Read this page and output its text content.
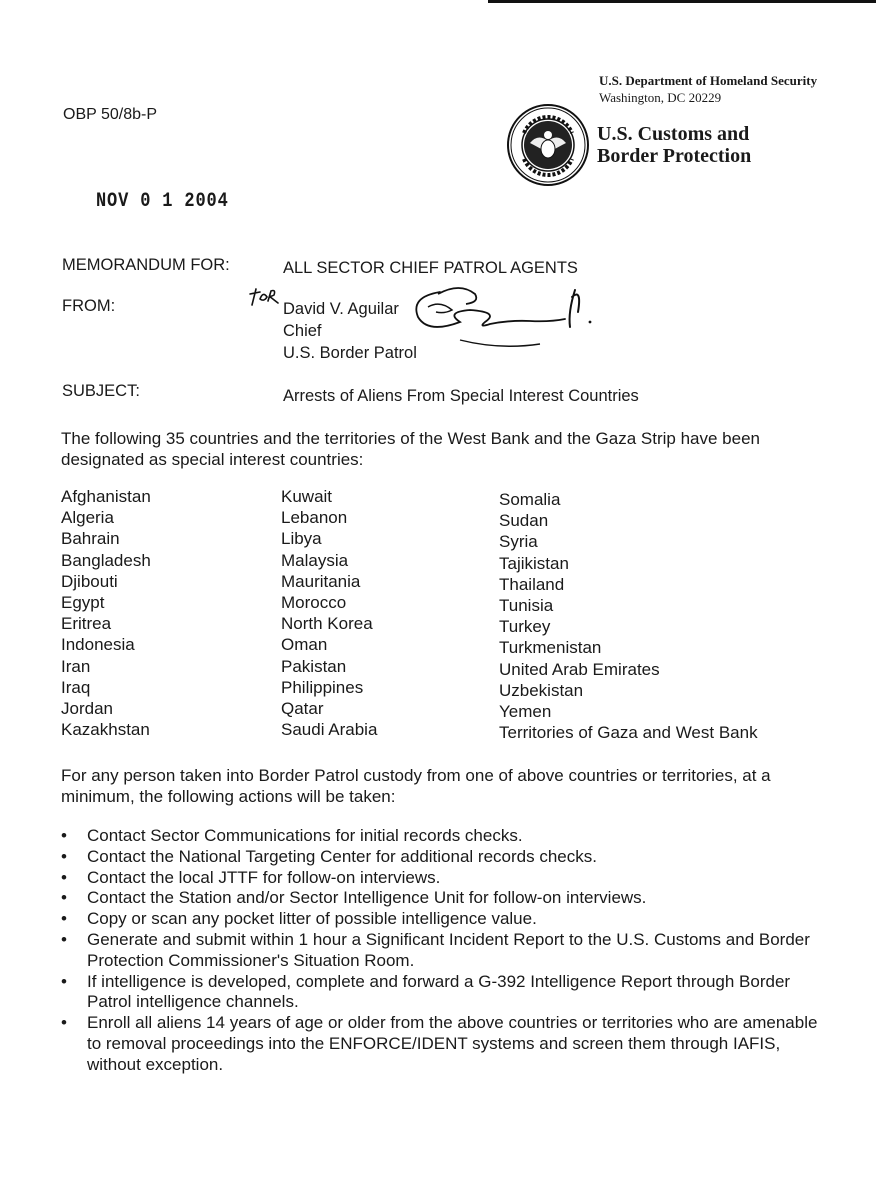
OBP 50/8b-P
U.S. Department of Homeland Security
Washington, DC 20229
U.S. Customs and
Border Protection
NOV 0 1 2004
MEMORANDUM FOR:	ALL SECTOR CHIEF PATROL AGENTS
FROM:	David V. Aguilar
Chief
U.S. Border Patrol
SUBJECT:	Arrests of Aliens From Special Interest Countries
The following 35 countries and the territories of the West Bank and the Gaza Strip have been designated as special interest countries:
Afghanistan
Algeria
Bahrain
Bangladesh
Djibouti
Egypt
Eritrea
Indonesia
Iran
Iraq
Jordan
Kazakhstan
Kuwait
Lebanon
Libya
Malaysia
Mauritania
Morocco
North Korea
Oman
Pakistan
Philippines
Qatar
Saudi Arabia
Somalia
Sudan
Syria
Tajikistan
Thailand
Tunisia
Turkey
Turkmenistan
United Arab Emirates
Uzbekistan
Yemen
Territories of Gaza and West Bank
For any person taken into Border Patrol custody from one of above countries or territories, at a minimum, the following actions will be taken:
• Contact Sector Communications for initial records checks.
• Contact the National Targeting Center for additional records checks.
• Contact the local JTTF for follow-on interviews.
• Contact the Station and/or Sector Intelligence Unit for follow-on interviews.
• Copy or scan any pocket litter of possible intelligence value.
• Generate and submit within 1 hour a Significant Incident Report to the U.S. Customs and Border Protection Commissioner's Situation Room.
• If intelligence is developed, complete and forward a G-392 Intelligence Report through Border Patrol intelligence channels.
• Enroll all aliens 14 years of age or older from the above countries or territories who are amenable to removal proceedings into the ENFORCE/IDENT systems and screen them through IAFIS, without exception.
